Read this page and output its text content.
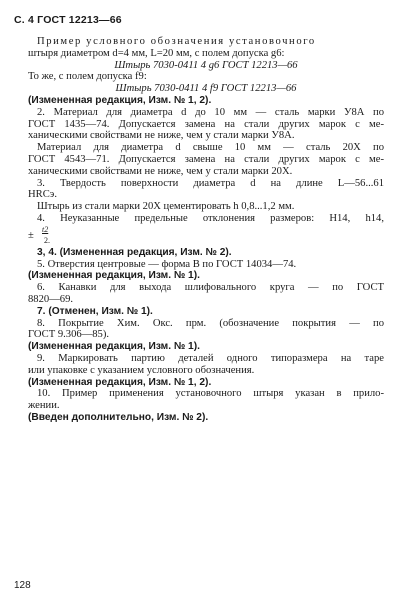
С. 4 ГОСТ 12213—66
Пример условного обозначения установочного
штыря диаметром d=4 мм, L=20 мм, с полем допуска g6:
Штырь 7030-0411 4 g6 ГОСТ 12213—66
То же, с полем допуска f9:
Штырь 7030-0411 4 f9 ГОСТ 12213—66
(Измененная редакция, Изм. № 1, 2).
2. Материал для диаметра d до 10 мм — сталь марки У8А по
ГОСТ 1435—74. Допускается замена на стали других марок с ме-
ханическими свойствами не ниже, чем у стали марки У8А.
Материал для диаметра d свыше 10 мм — сталь 20Х по
ГОСТ 4543—71. Допускается замена на стали других марок с ме-
ханическими свойствами не ниже, чем у стали марки 20Х.
3. Твердость поверхности диаметра d на длине L—56...61
HRCэ.
Штырь из стали марки 20Х цементировать h 0,8...1,2 мм.
4. Неуказанные предельные отклонения размеров: H14, h14,
±
t2
2.
3, 4. (Измененная редакция, Изм. № 2).
5. Отверстия центровые — форма В по ГОСТ 14034—74.
(Измененная редакция, Изм. № 1).
6. Канавки для выхода шлифовального круга — по ГОСТ
8820—69.
7. (Отменен, Изм. № 1).
8. Покрытие Хим. Окс. прм. (обозначение покрытия — по
ГОСТ 9.306—85).
(Измененная редакция, Изм. № 1).
9. Маркировать партию деталей одного типоразмера на таре
или упаковке с указанием условного обозначения.
(Измененная редакция, Изм. № 1, 2).
10. Пример применения установочного штыря указан в прило-
жении.
(Введен дополнительно, Изм. № 2).
128
